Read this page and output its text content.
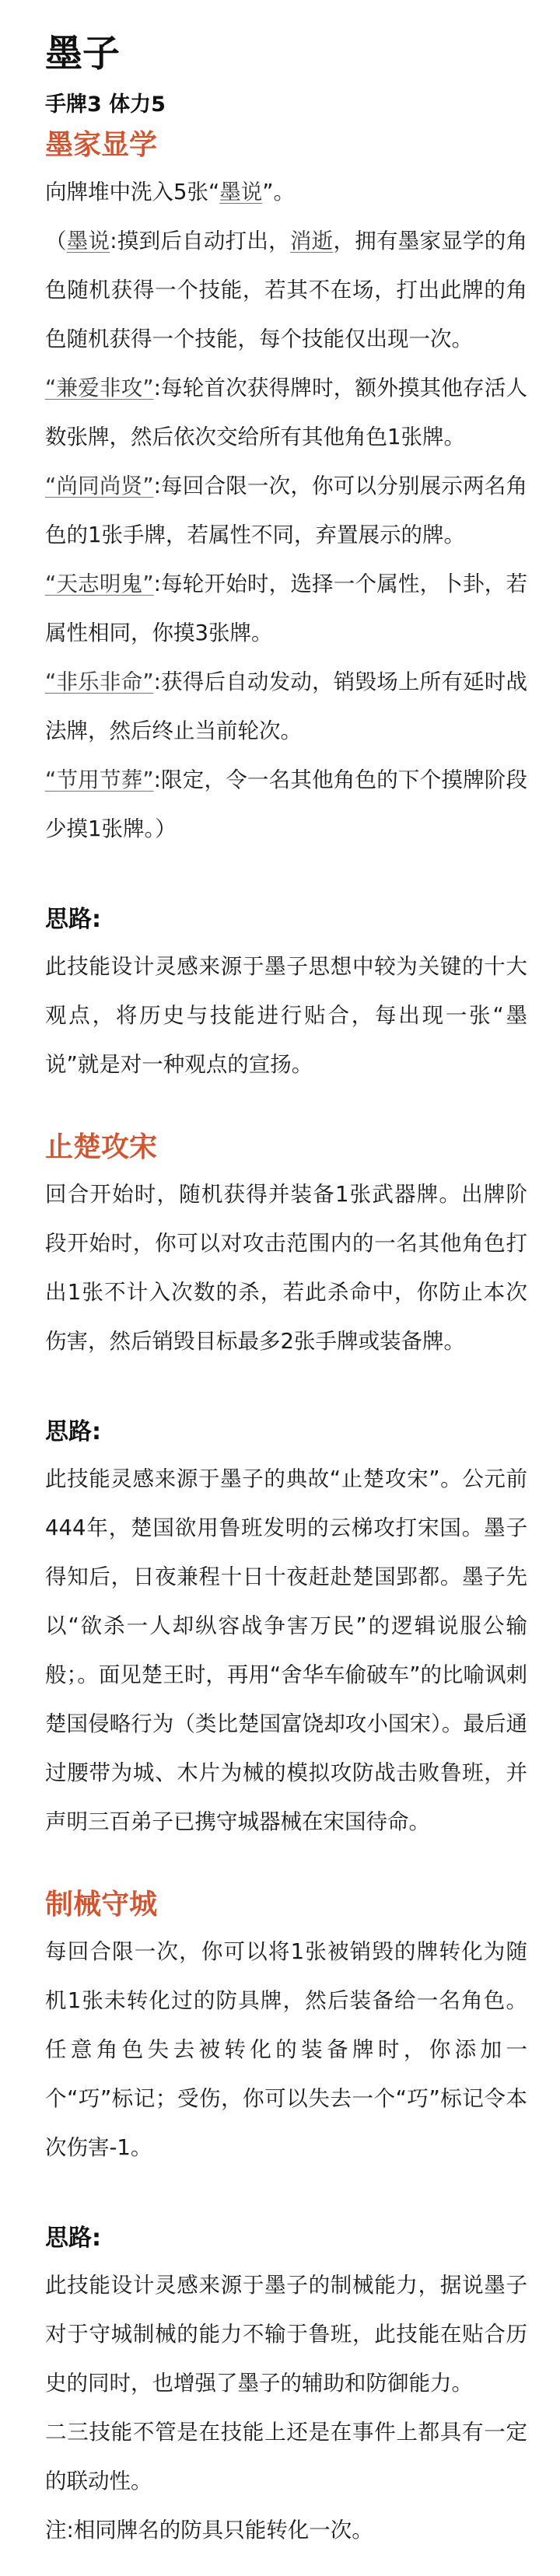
墨子

手牌3 体力5

墨家显学

向牌堆中洗入5张“墨说”。

（墨说:摸到后自动打出，消逝，拥有墨家显学的角色随机获得一个技能，若其不在场，打出此牌的角色随机获得一个技能，每个技能仅出现一次。

“兼爱非攻”:每轮首次获得牌时，额外摸其他存活人数张牌，然后依次交给所有其他角色1张牌。

“尚同尚贤”:每回合限一次，你可以分别展示两名角色的1张手牌，若属性不同，弃置展示的牌。

“天志明鬼”:每轮开始时，选择一个属性，卜卦，若属性相同，你摸3张牌。

“非乐非命”:获得后自动发动，销毁场上所有延时战法牌，然后终止当前轮次。

“节用节葬”:限定，令一名其他角色的下个摸牌阶段少摸1张牌。）

思路:

此技能设计灵感来源于墨子思想中较为关键的十大观点，将历史与技能进行贴合，每出现一张“墨说”就是对一种观点的宣扬。

止楚攻宋

回合开始时，随机获得并装备1张武器牌。出牌阶段开始时，你可以对攻击范围内的一名其他角色打出1张不计入次数的杀，若此杀命中，你防止本次伤害，然后销毁目标最多2张手牌或装备牌。

思路:

此技能灵感来源于墨子的典故“止楚攻宋”。公元前444年，楚国欲用鲁班发明的云梯攻打宋国。墨子得知后，日夜兼程十日十夜赶赴楚国郢都。墨子先以“欲杀一人却纵容战争害万民”的逻辑说服公输般；。面见楚王时，再用“舍华车偷破车”的比喻讽刺楚国侵略行为（类比楚国富饶却攻小国宋）。最后通过腰带为城、木片为械的模拟攻防战击败鲁班，并声明三百弟子已携守城器械在宋国待命。

制械守城

每回合限一次，你可以将1张被销毁的牌转化为随机1张未转化过的防具牌，然后装备给一名角色。任意角色失去被转化的装备牌时，你添加一个“巧”标记；受伤，你可以失去一个“巧”标记令本次伤害-1。

思路:

此技能设计灵感来源于墨子的制械能力，据说墨子对于守城制械的能力不输于鲁班，此技能在贴合历史的同时，也增强了墨子的辅助和防御能力。

二三技能不管是在技能上还是在事件上都具有一定的联动性。

注:相同牌名的防具只能转化一次。
